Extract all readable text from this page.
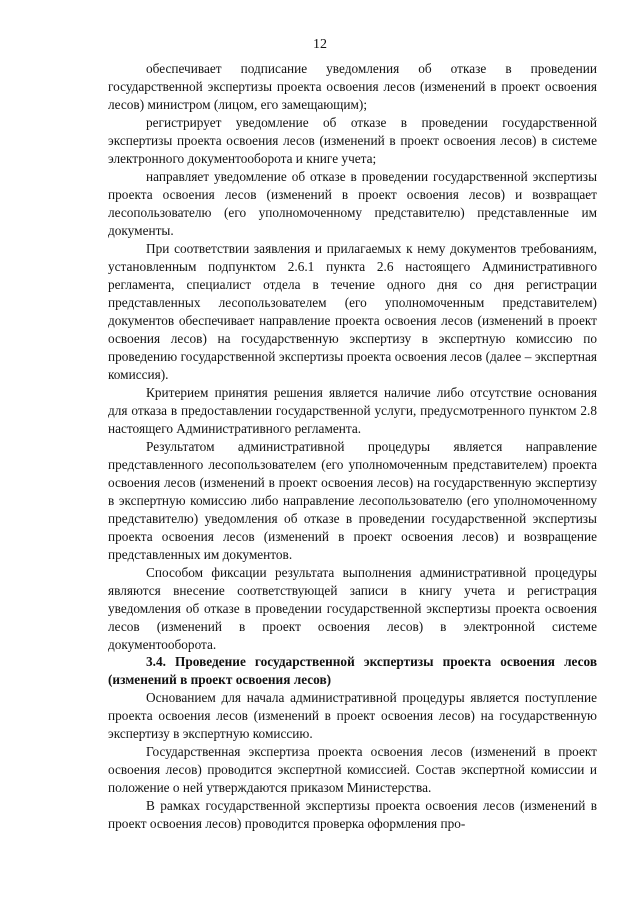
12

обеспечивает подписание уведомления об отказе в проведении государственной экспертизы проекта освоения лесов (изменений в проект освоения лесов) министром (лицом, его замещающим);

регистрирует уведомление об отказе в проведении государственной экспертизы проекта освоения лесов (изменений в проект освоения лесов) в системе электронного документооборота и книге учета;

направляет уведомление об отказе в проведении государственной экспертизы проекта освоения лесов (изменений в проект освоения лесов) и возвращает лесопользователю (его уполномоченному представителю) представленные им документы.

При соответствии заявления и прилагаемых к нему документов требованиям, установленным подпунктом 2.6.1 пункта 2.6 настоящего Административного регламента, специалист отдела в течение одного дня со дня регистрации представленных лесопользователем (его уполномоченным представителем) документов обеспечивает направление проекта освоения лесов (изменений в проект освоения лесов) на государственную экспертизу в экспертную комиссию по проведению государственной экспертизы проекта освоения лесов (далее – экспертная комиссия).

Критерием принятия решения является наличие либо отсутствие основания для отказа в предоставлении государственной услуги, предусмотренного пунктом 2.8 настоящего Административного регламента.

Результатом административной процедуры является направление представленного лесопользователем (его уполномоченным представителем) проекта освоения лесов (изменений в проект освоения лесов) на государственную экспертизу в экспертную комиссию либо направление лесопользователю (его уполномоченному представителю) уведомления об отказе в проведении государственной экспертизы проекта освоения лесов (изменений в проект освоения лесов) и возвращение представленных им документов.

Способом фиксации результата выполнения административной процедуры являются внесение соответствующей записи в книгу учета и регистрация уведомления об отказе в проведении государственной экспертизы проекта освоения лесов (изменений в проект освоения лесов) в электронной системе документооборота.

3.4. Проведение государственной экспертизы проекта освоения лесов (изменений в проект освоения лесов)

Основанием для начала административной процедуры является поступление проекта освоения лесов (изменений в проект освоения лесов) на государственную экспертизу в экспертную комиссию.

Государственная экспертиза проекта освоения лесов (изменений в проект освоения лесов) проводится экспертной комиссией. Состав экспертной комиссии и положение о ней утверждаются приказом Министерства.

В рамках государственной экспертизы проекта освоения лесов (изменений в проект освоения лесов) проводится проверка оформления про-
